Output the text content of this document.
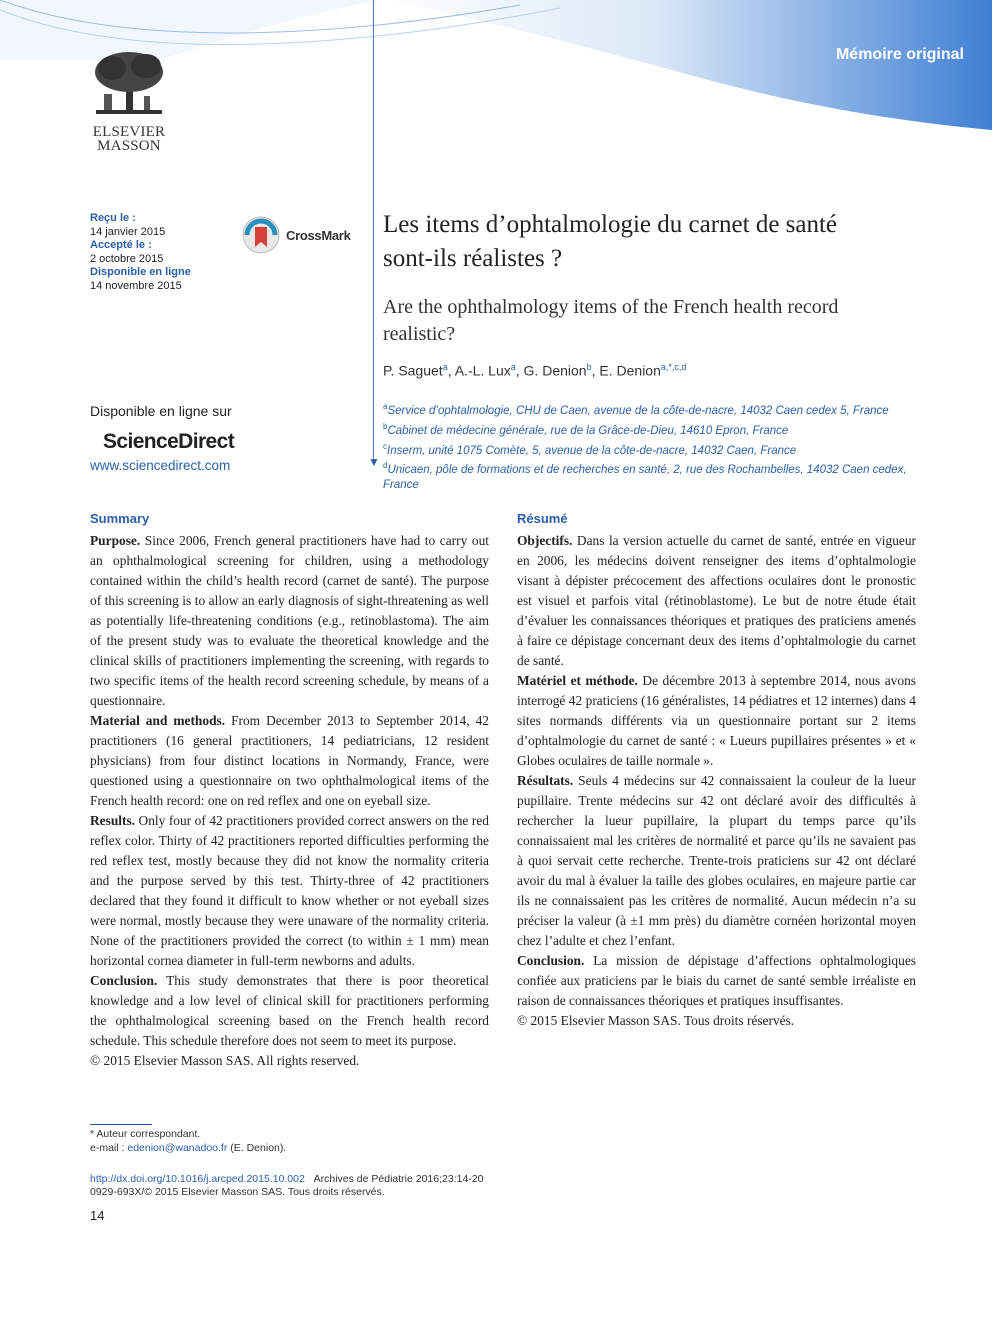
Mémoire original
ELSEVIER
MASSON
Reçu le :
14 janvier 2015
Accepté le :
2 octobre 2015
Disponible en ligne
14 novembre 2015
CrossMark
▼
Les items d’ophtalmologie du carnet de santé
sont-ils réalistes ?
Are the ophthalmology items of the French health record
realistic?
P. Saguet$^a$, A.-L. Lux$^a$, G. Denion$^b$, E. Denion$^{a,*,c,d}$
$^a$Service d’ophtalmologie, CHU de Caen, avenue de la côte-de-nacre, 14032 Caen cedex 5, France
$^b$Cabinet de médecine générale, rue de la Grâce-de-Dieu, 14610 Epron, France
$^c$Inserm, unité 1075 Comète, 5, avenue de la côte-de-nacre, 14032 Caen, France
$^d$Unicaen, pôle de formations et de recherches en santé, 2, rue des Rochambelles, 14032 Caen cedex, France
Disponible en ligne sur
ScienceDirect
www.sciencedirect.com
Summary

Purpose. Since 2006, French general practitioners have had to carry out an ophthalmological screening for children, using a methodology contained within the child’s health record (carnet de santé). The purpose of this screening is to allow an early diagnosis of sight-threatening as well as potentially life-threatening conditions (e.g., retinoblastoma). The aim of the present study was to evaluate the theoretical knowledge and the clinical skills of practitioners implementing the screening, with regards to two specific items of the health record screening schedule, by means of a questionnaire.

Material and methods. From December 2013 to September 2014, 42 practitioners (16 general practitioners, 14 pediatricians, 12 resident physicians) from four distinct locations in Normandy, France, were questioned using a questionnaire on two ophthalmological items of the French health record: one on red reflex and one on eyeball size.

Results. Only four of 42 practitioners provided correct answers on the red reflex color. Thirty of 42 practitioners reported difficulties performing the red reflex test, mostly because they did not know the normality criteria and the purpose served by this test. Thirty-three of 42 practitioners declared that they found it difficult to know whether or not eyeball sizes were normal, mostly because they were unaware of the normality criteria. None of the practitioners provided the correct (to within ± 1 mm) mean horizontal cornea diameter in full-term newborns and adults.

Conclusion. This study demonstrates that there is poor theoretical knowledge and a low level of clinical skill for practitioners performing the ophthalmological screening based on the French health record schedule. This schedule therefore does not seem to meet its purpose.

© 2015 Elsevier Masson SAS. All rights reserved.

Résumé

Objectifs. Dans la version actuelle du carnet de santé, entrée en vigueur en 2006, les médecins doivent renseigner des items d’ophtalmologie visant à dépister précocement des affections oculaires dont le pronostic est visuel et parfois vital (rétinoblastome). Le but de notre étude était d’évaluer les connaissances théoriques et pratiques des praticiens amenés à faire ce dépistage concernant deux des items d’ophtalmologie du carnet de santé.

Matériel et méthode. De décembre 2013 à septembre 2014, nous avons interrogé 42 praticiens (16 généralistes, 14 pédiatres et 12 internes) dans 4 sites normands différents via un questionnaire portant sur 2 items d’ophtalmologie du carnet de santé : « Lueurs pupillaires présentes » et « Globes oculaires de taille normale ».

Résultats. Seuls 4 médecins sur 42 connaissaient la couleur de la lueur pupillaire. Trente médecins sur 42 ont déclaré avoir des difficultés à rechercher la lueur pupillaire, la plupart du temps parce qu’ils connaissaient mal les critères de normalité et parce qu’ils ne savaient pas à quoi servait cette recherche. Trente-trois praticiens sur 42 ont déclaré avoir du mal à évaluer la taille des globes oculaires, en majeure partie car ils ne connaissaient pas les critères de normalité. Aucun médecin n’a su préciser la valeur (à ±1 mm près) du diamètre cornéen horizontal moyen chez l’adulte et chez l’enfant.

Conclusion. La mission de dépistage d’affections ophtalmologiques confiée aux praticiens par le biais du carnet de santé semble irréaliste en raison de connaissances théoriques et pratiques insuffisantes.

© 2015 Elsevier Masson SAS. Tous droits réservés.

* Auteur correspondant.
e-mail : edenion@wanadoo.fr (E. Denion).
http://dx.doi.org/10.1016/j.arcped.2015.10.002 Archives de Pédiatrie 2016;23:14-20
0929-693X/© 2015 Elsevier Masson SAS. Tous droits réservés.
14
